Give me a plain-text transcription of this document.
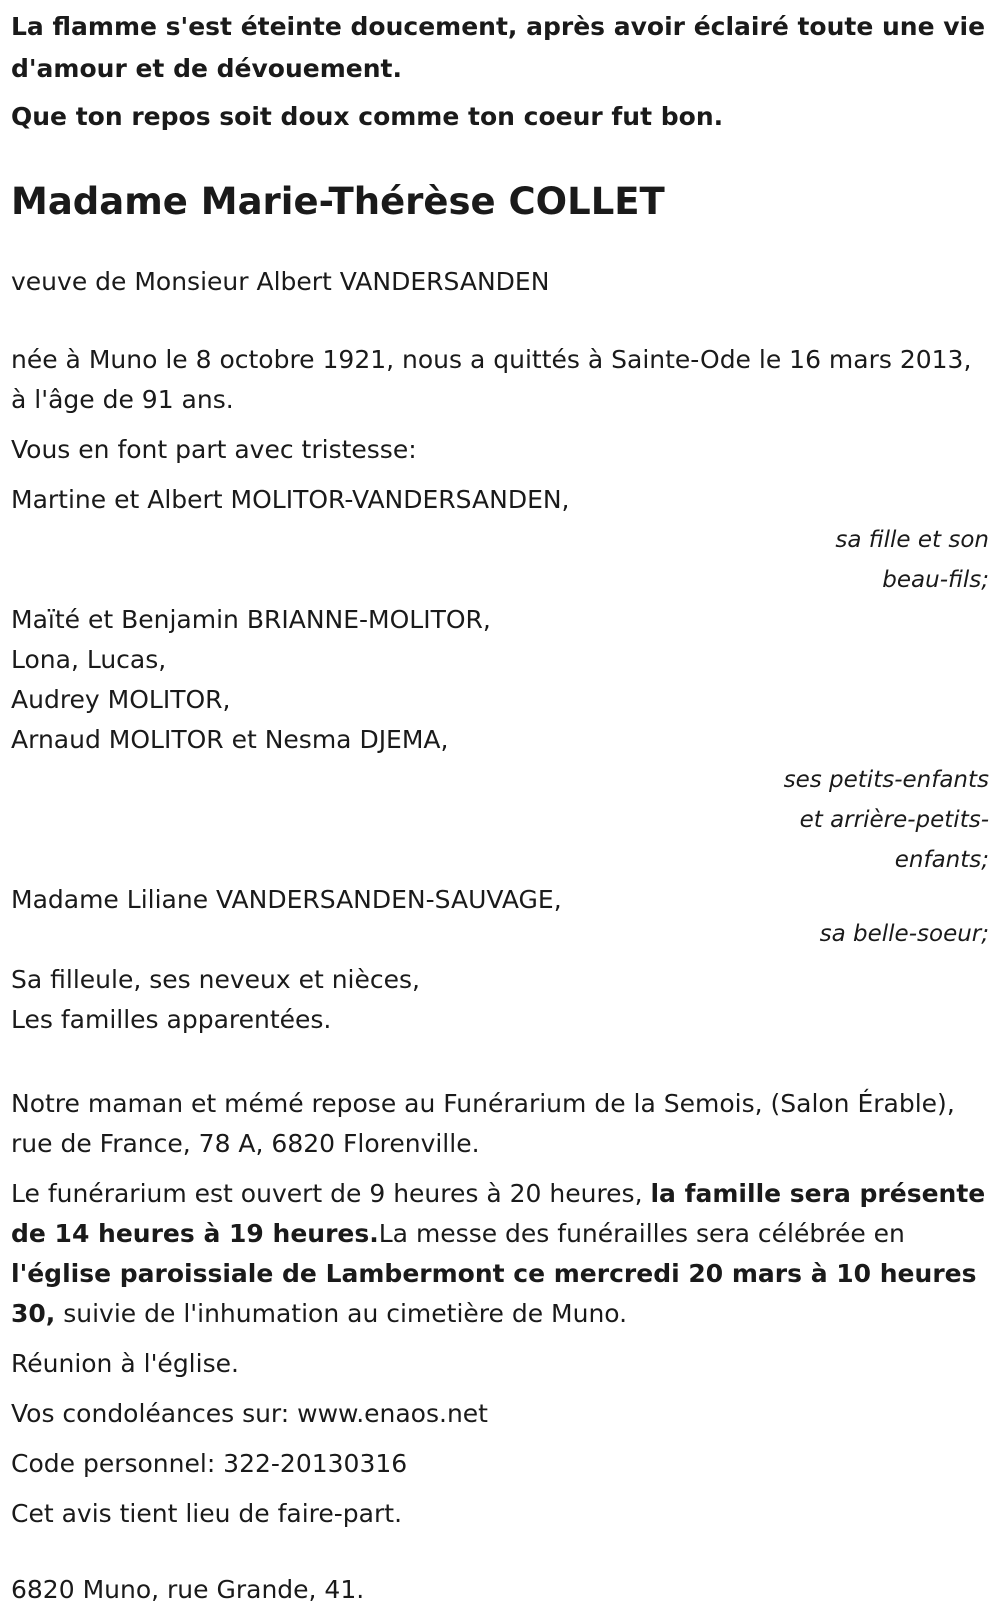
La flamme s'est éteinte doucement, après avoir éclairé toute une vie d'amour et de dévouement.

Que ton repos soit doux comme ton coeur fut bon.

Madame Marie-Thérèse COLLET

veuve de Monsieur Albert VANDERSANDEN

née à Muno le 8 octobre 1921, nous a quittés à Sainte-Ode le 16 mars 2013, à l'âge de 91 ans.

Vous en font part avec tristesse:

Martine et Albert MOLITOR-VANDERSANDEN,

sa fille et son
beau-fils;

Maïté et Benjamin BRIANNE-MOLITOR,

Lona, Lucas,

Audrey MOLITOR,

Arnaud MOLITOR et Nesma DJEMA,

ses petits-enfants
et arrière-petits-
enfants;

Madame Liliane VANDERSANDEN-SAUVAGE,

sa belle-soeur;

Sa filleule, ses neveux et nièces,

Les familles apparentées.

Notre maman et mémé repose au Funérarium de la Semois, (Salon Érable), rue de France, 78 A, 6820 Florenville.

Le funérarium est ouvert de 9 heures à 20 heures, la famille sera présente de 14 heures à 19 heures.La messe des funérailles sera célébrée en l'église paroissiale de Lambermont ce mercredi 20 mars à 10 heures 30, suivie de l'inhumation au cimetière de Muno.

Réunion à l'église.

Vos condoléances sur: www.enaos.net

Code personnel: 322-20130316

Cet avis tient lieu de faire-part.

6820 Muno, rue Grande, 41.
